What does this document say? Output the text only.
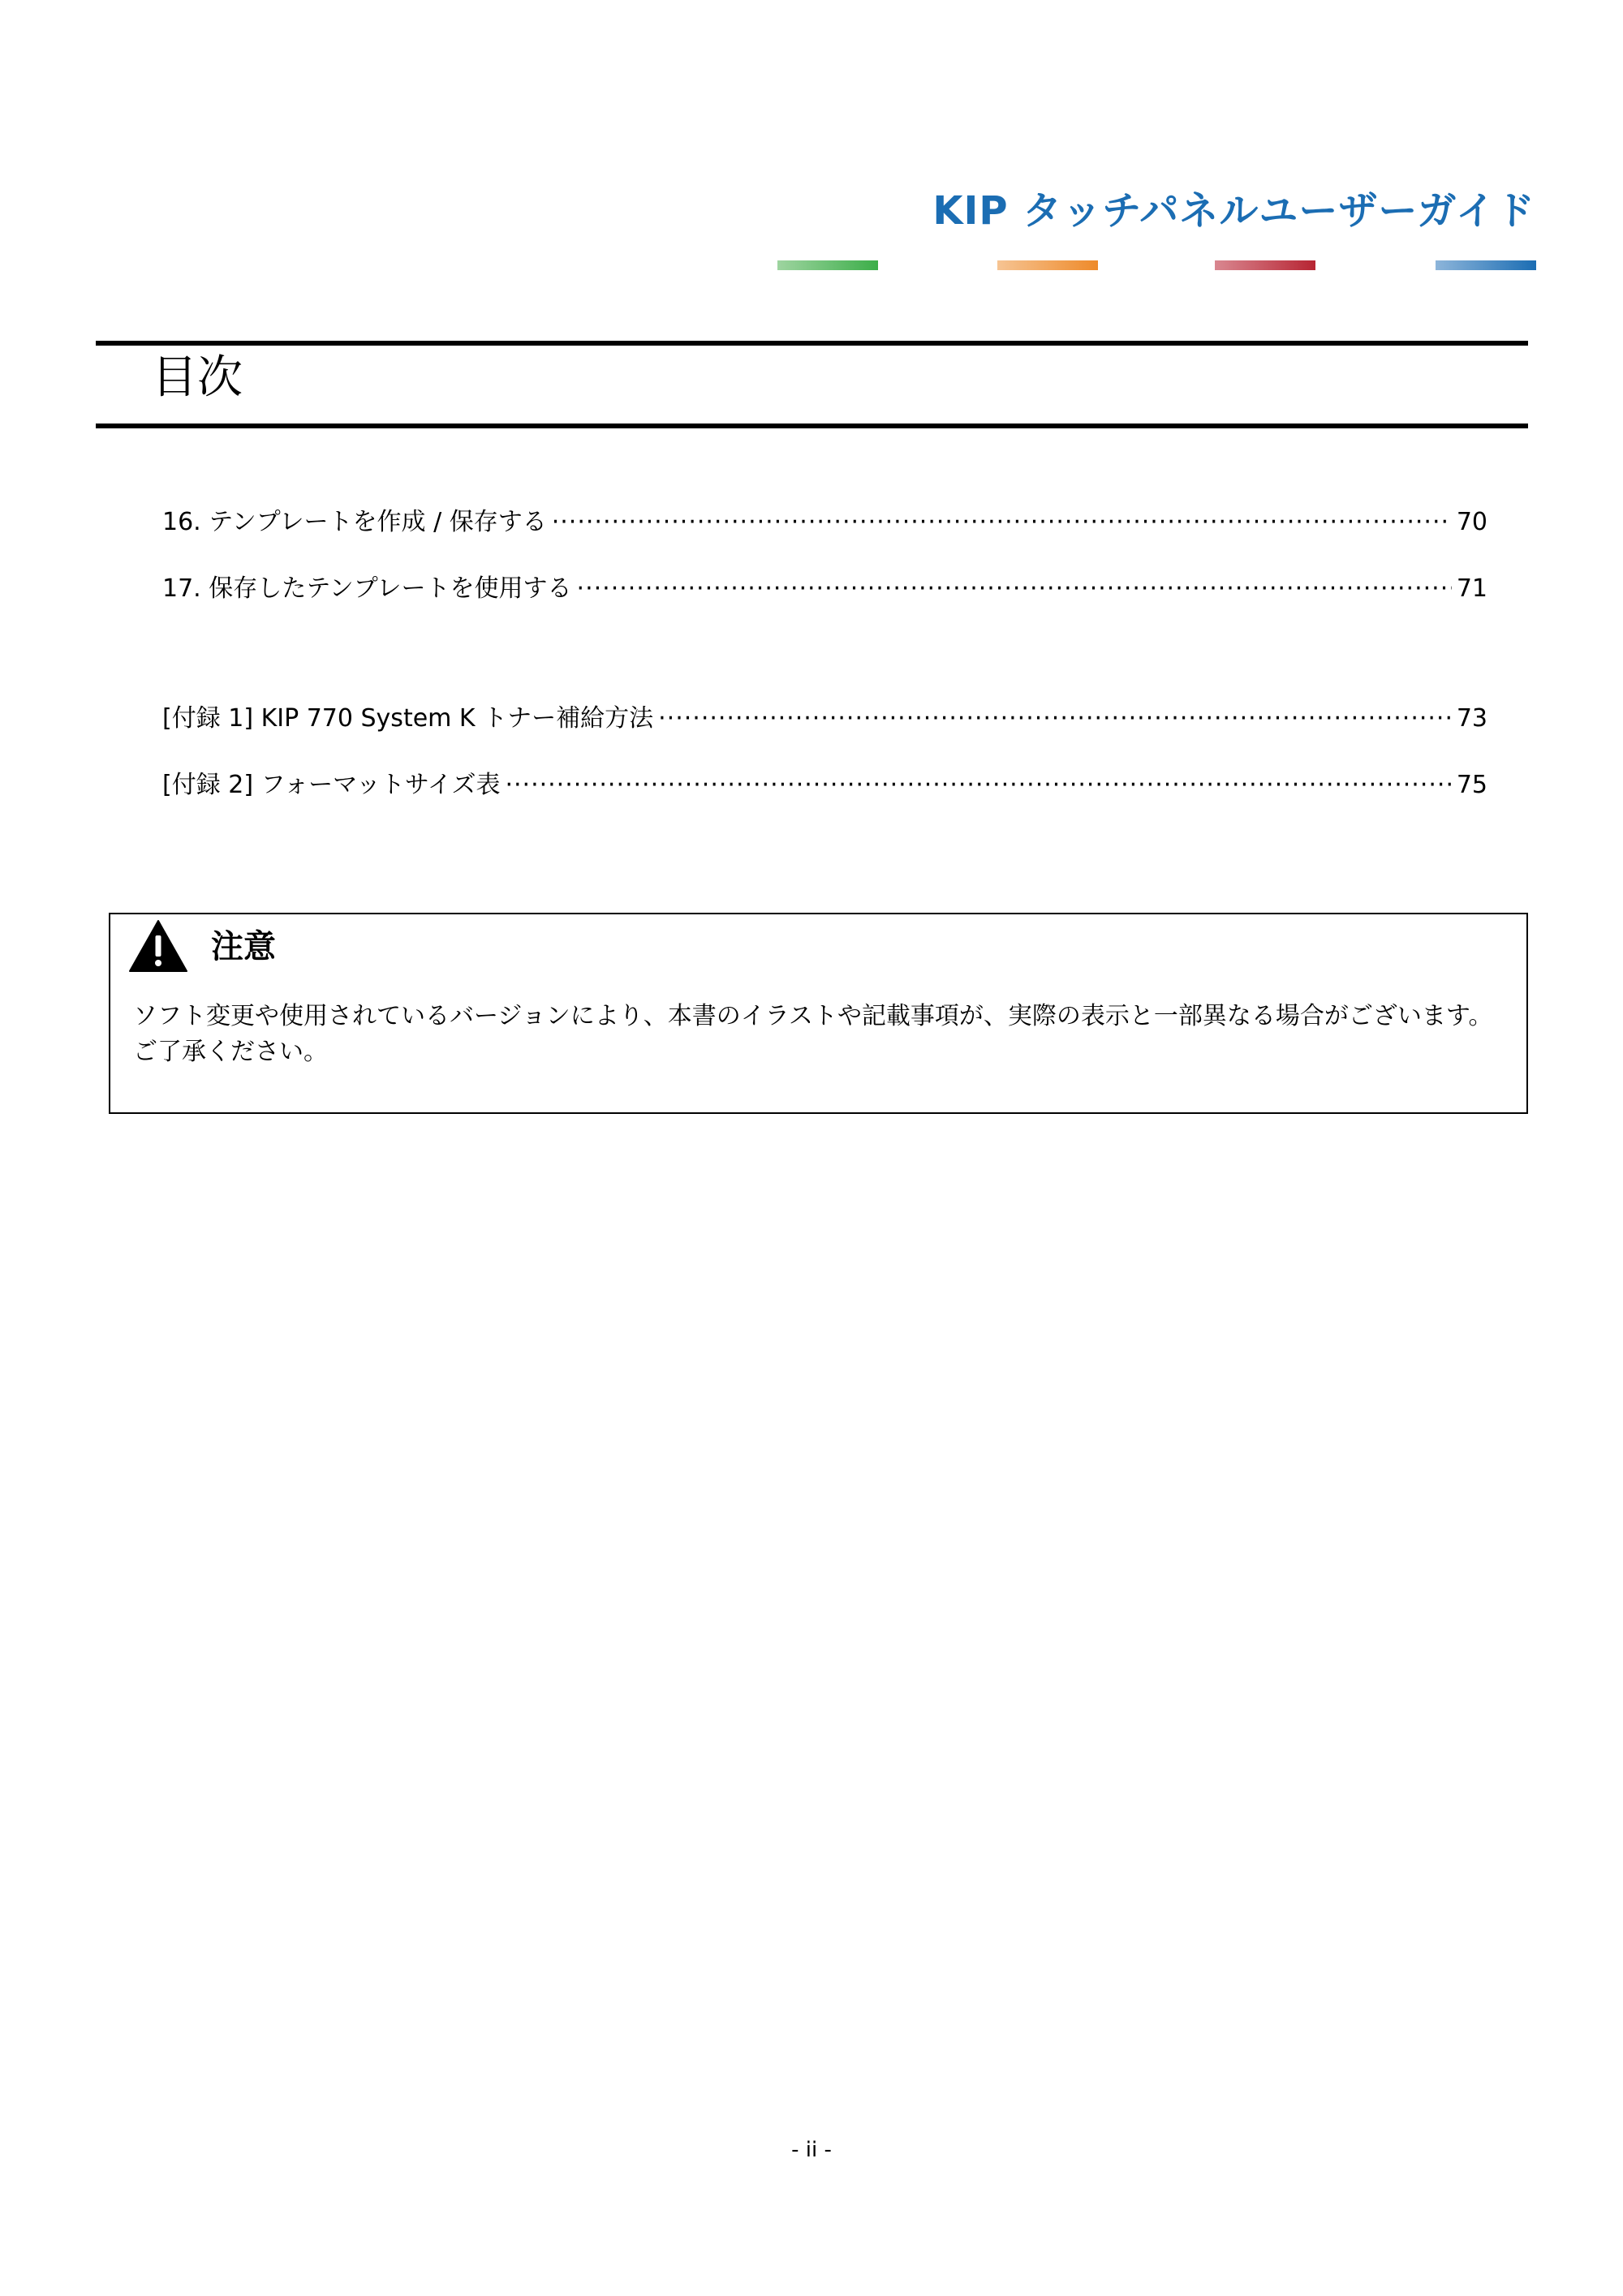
KIP タッチパネルユーザーガイド
目次
16. テンプレートを作成 / 保存する ·····	70
17. 保存したテンプレートを使用する ·····	71
[付録 1] KIP 770 System K トナー補給方法 ·····	73
[付録 2] フォーマットサイズ表 ·····	75
注意
ソフト変更や使用されているバージョンにより、本書のイラストや記載事項が、実際の表示と一部異なる場合がございます。ご了承ください。
- ii -
